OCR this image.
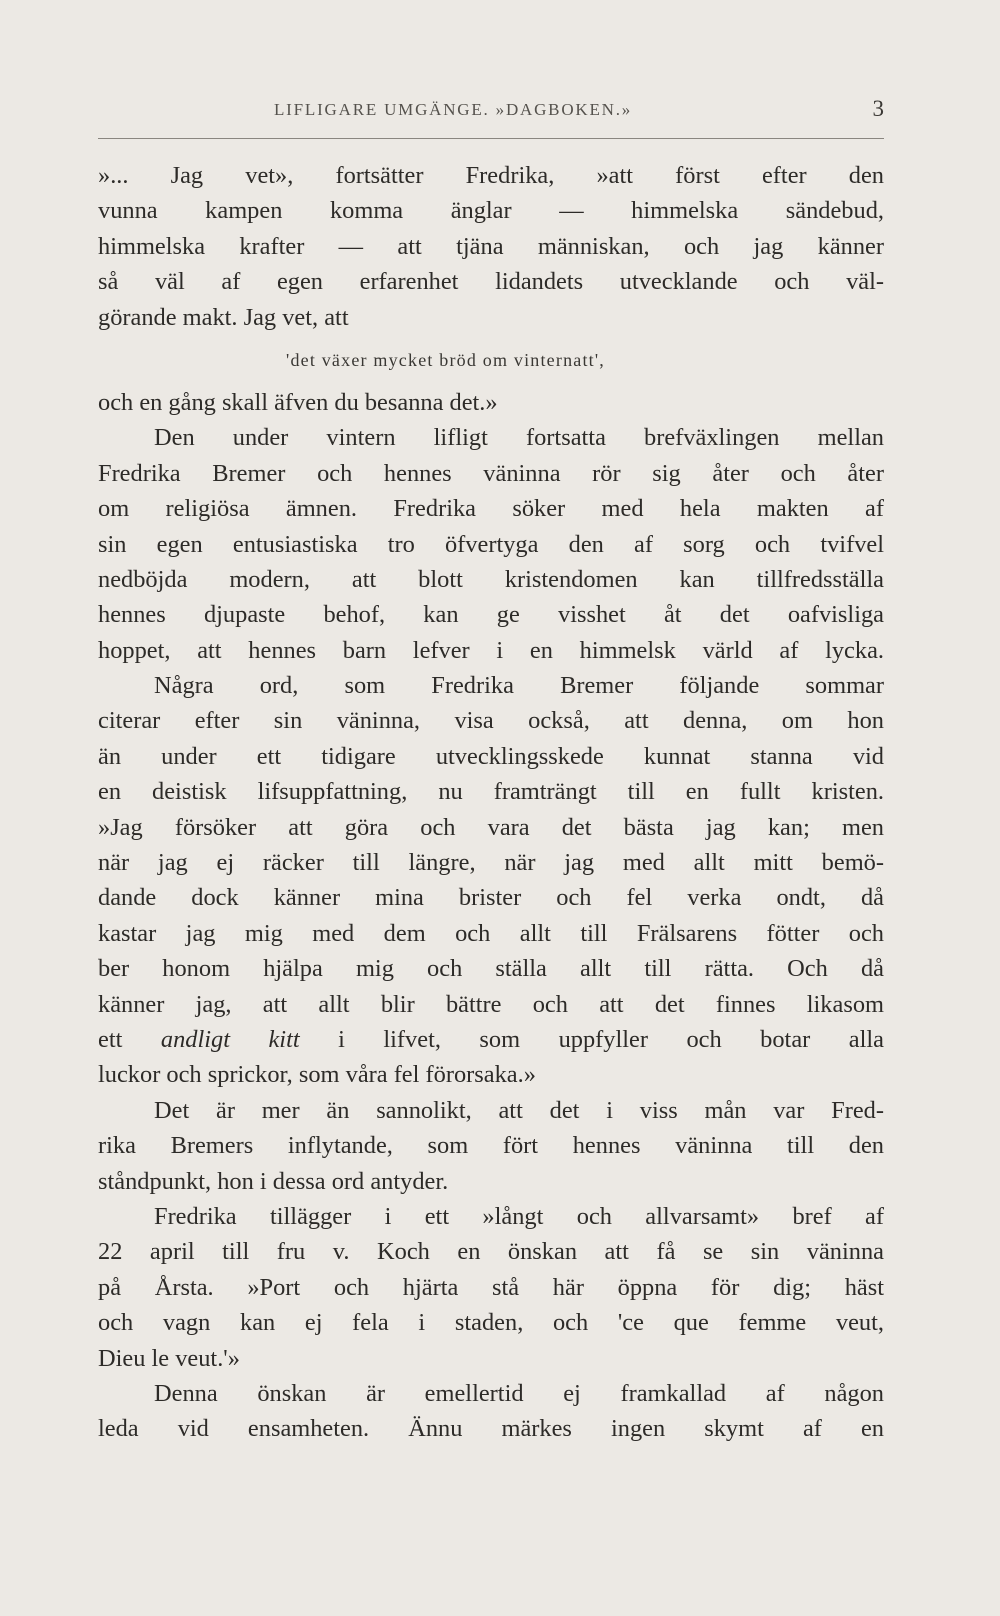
LIFLIGARE UMGÄNGE. »DAGBOKEN.»	3
»... Jag vet», fortsätter Fredrika, »att först efter den
vunna kampen komma änglar — himmelska sändebud,
himmelska krafter — att tjäna människan, och jag känner
så väl af egen erfarenhet lidandets utvecklande och väl-
görande makt. Jag vet, att
'det växer mycket bröd om vinternatt',
och en gång skall äfven du besanna det.»
Den under vintern lifligt fortsatta brefväxlingen mellan
Fredrika Bremer och hennes väninna rör sig åter och åter
om religiösa ämnen. Fredrika söker med hela makten af
sin egen entusiastiska tro öfvertyga den af sorg och tvifvel
nedböjda modern, att blott kristendomen kan tillfredsställa
hennes djupaste behof, kan ge visshet åt det oafvisliga
hoppet, att hennes barn lefver i en himmelsk värld af lycka.
Några ord, som Fredrika Bremer följande sommar
citerar efter sin väninna, visa också, att denna, om hon
än under ett tidigare utvecklingsskede kunnat stanna vid
en deistisk lifsuppfattning, nu framträngt till en fullt kristen.
»Jag försöker att göra och vara det bästa jag kan; men
när jag ej räcker till längre, när jag med allt mitt bemö-
dande dock känner mina brister och fel verka ondt, då
kastar jag mig med dem och allt till Frälsarens fötter och
ber honom hjälpa mig och ställa allt till rätta. Och då
känner jag, att allt blir bättre och att det finnes likasom
ett andligt kitt i lifvet, som uppfyller och botar alla
luckor och sprickor, som våra fel förorsaka.»
Det är mer än sannolikt, att det i viss mån var Fred-
rika Bremers inflytande, som fört hennes väninna till den
ståndpunkt, hon i dessa ord antyder.
Fredrika tillägger i ett »långt och allvarsamt» bref af
22 april till fru v. Koch en önskan att få se sin väninna
på Årsta. »Port och hjärta stå här öppna för dig; häst
och vagn kan ej fela i staden, och 'ce que femme veut,
Dieu le veut.'»
Denna önskan är emellertid ej framkallad af någon
leda vid ensamheten. Ännu märkes ingen skymt af en
